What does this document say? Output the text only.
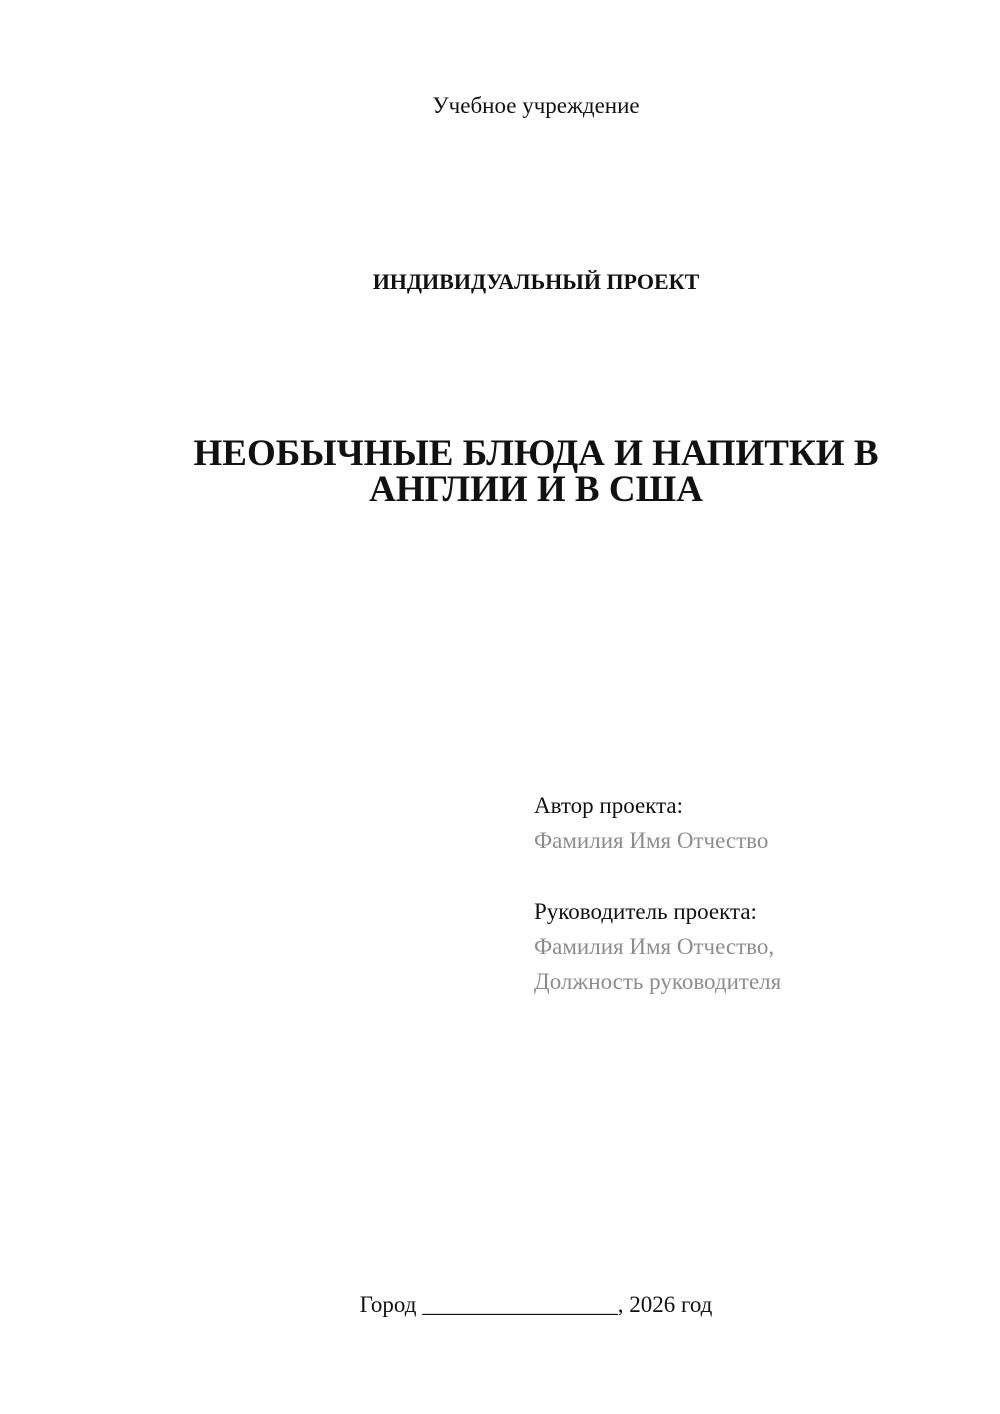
Учебное учреждение
ИНДИВИДУАЛЬНЫЙ ПРОЕКТ
НЕОБЫЧНЫЕ БЛЮДА И НАПИТКИ В
АНГЛИИ И В США
Автор проекта:
Фамилия Имя Отчество
Руководитель проекта:
Фамилия Имя Отчество,
Должность руководителя
Город _________________, 2026 год
